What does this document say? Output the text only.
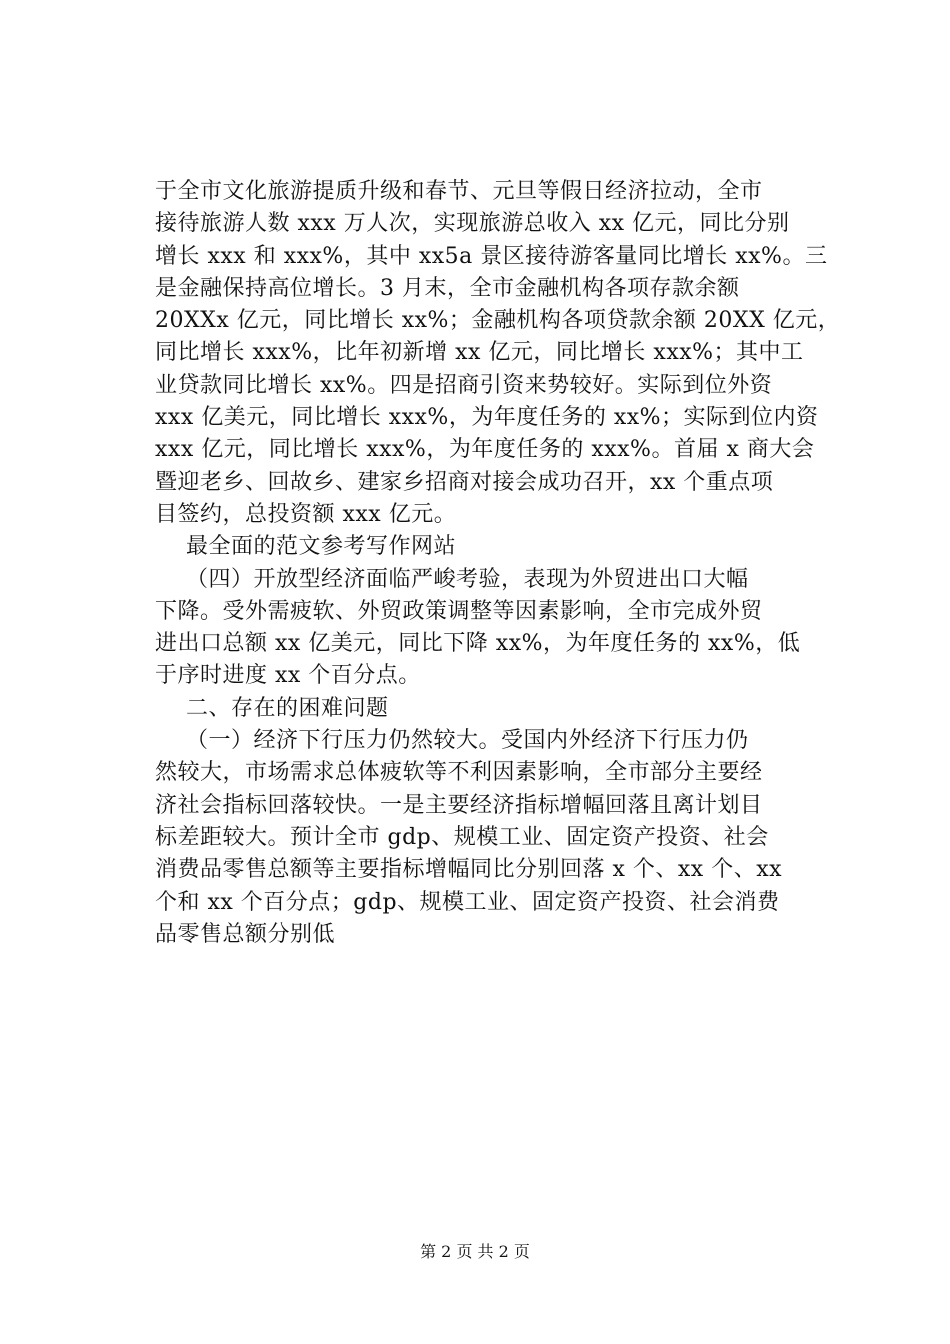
于全市文化旅游提质升级和春节、元旦等假日经济拉动，全市
接待旅游人数 xxx 万人次，实现旅游总收入 xx 亿元，同比分别
增长 xxx 和 xxx%，其中 xx5a 景区接待游客量同比增长 xx%。三
是金融保持高位增长。3 月末，全市金融机构各项存款余额
20XXx 亿元，同比增长 xx%；金融机构各项贷款余额 20XX 亿元，
同比增长 xxx%，比年初新增 xx 亿元，同比增长 xxx%；其中工
业贷款同比增长 xx%。四是招商引资来势较好。实际到位外资
xxx 亿美元，同比增长 xxx%，为年度任务的 xx%；实际到位内资
xxx 亿元，同比增长 xxx%，为年度任务的 xxx%。首届 x 商大会
暨迎老乡、回故乡、建家乡招商对接会成功召开，xx 个重点项
目签约，总投资额 xxx 亿元。
最全面的范文参考写作网站
（四）开放型经济面临严峻考验，表现为外贸进出口大幅
下降。受外需疲软、外贸政策调整等因素影响，全市完成外贸
进出口总额 xx 亿美元，同比下降 xx%，为年度任务的 xx%，低
于序时进度 xx 个百分点。
二、存在的困难问题
（一）经济下行压力仍然较大。受国内外经济下行压力仍
然较大，市场需求总体疲软等不利因素影响，全市部分主要经
济社会指标回落较快。一是主要经济指标增幅回落且离计划目
标差距较大。预计全市 gdp、规模工业、固定资产投资、社会
消费品零售总额等主要指标增幅同比分别回落 x 个、xx 个、xx
个和 xx 个百分点；gdp、规模工业、固定资产投资、社会消费
品零售总额分别低
第 2 页 共 2 页
